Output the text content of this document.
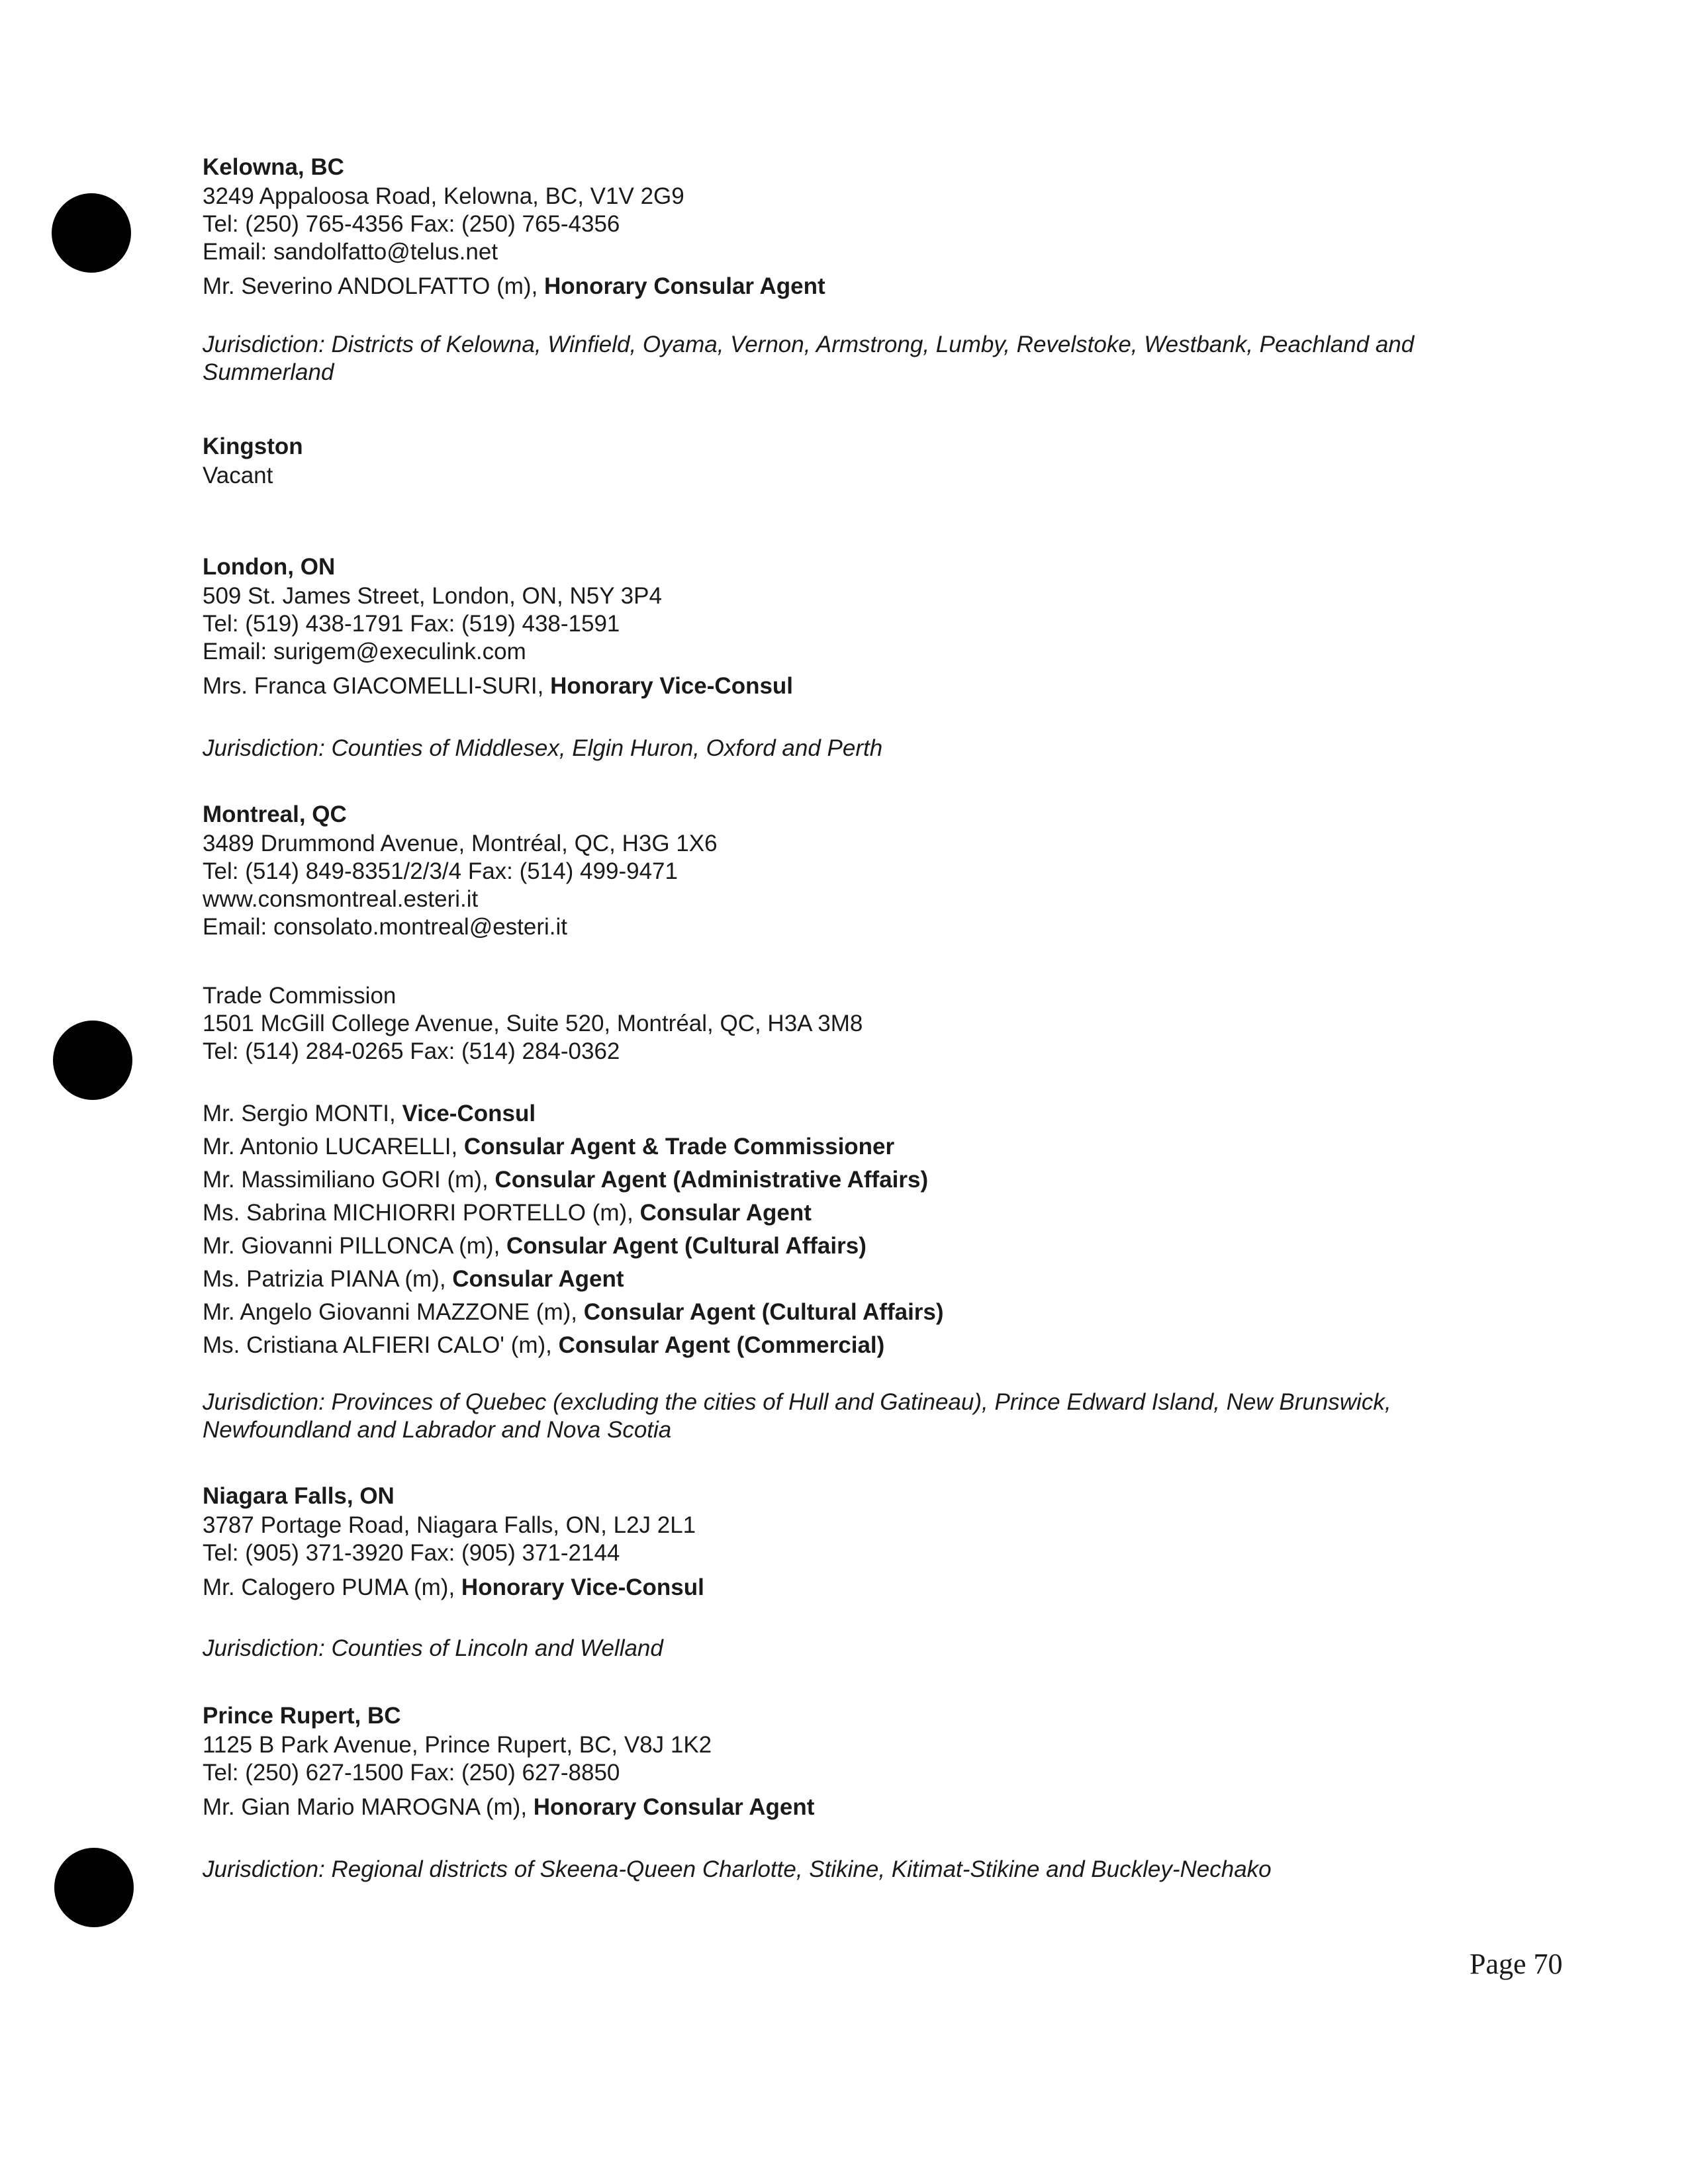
Kelowna, BC

3249 Appaloosa Road, Kelowna, BC, V1V 2G9

Tel: (250) 765-4356 Fax: (250) 765-4356

Email: sandolfatto@telus.net

Mr. Severino ANDOLFATTO (m), Honorary Consular Agent

Jurisdiction: Districts of Kelowna, Winfield, Oyama, Vernon, Armstrong, Lumby, Revelstoke, Westbank, Peachland and Summerland

Kingston

Vacant

London, ON

509 St. James Street, London, ON, N5Y 3P4

Tel: (519) 438-1791 Fax: (519) 438-1591

Email: surigem@execulink.com

Mrs. Franca GIACOMELLI-SURI, Honorary Vice-Consul

Jurisdiction: Counties of Middlesex, Elgin Huron, Oxford and Perth

Montreal, QC

3489 Drummond Avenue, Montréal, QC, H3G 1X6

Tel: (514) 849-8351/2/3/4 Fax: (514) 499-9471

www.consmontreal.esteri.it

Email: consolato.montreal@esteri.it

Trade Commission

1501 McGill College Avenue, Suite 520, Montréal, QC, H3A 3M8

Tel: (514) 284-0265 Fax: (514) 284-0362

Mr. Sergio MONTI, Vice-Consul

Mr. Antonio LUCARELLI, Consular Agent & Trade Commissioner

Mr. Massimiliano GORI (m), Consular Agent (Administrative Affairs)

Ms. Sabrina MICHIORRI PORTELLO (m), Consular Agent

Mr. Giovanni PILLONCA (m), Consular Agent (Cultural Affairs)

Ms. Patrizia PIANA (m), Consular Agent

Mr. Angelo Giovanni MAZZONE (m), Consular Agent (Cultural Affairs)

Ms. Cristiana ALFIERI CALO' (m), Consular Agent (Commercial)

Jurisdiction: Provinces of Quebec (excluding the cities of Hull and Gatineau), Prince Edward Island, New Brunswick, Newfoundland and Labrador and Nova Scotia

Niagara Falls, ON

3787 Portage Road, Niagara Falls, ON, L2J 2L1

Tel: (905) 371-3920 Fax: (905) 371-2144

Mr. Calogero PUMA (m), Honorary Vice-Consul

Jurisdiction: Counties of Lincoln and Welland

Prince Rupert, BC

1125 B Park Avenue, Prince Rupert, BC, V8J 1K2

Tel: (250) 627-1500 Fax: (250) 627-8850

Mr. Gian Mario MAROGNA (m), Honorary Consular Agent

Jurisdiction: Regional districts of Skeena-Queen Charlotte, Stikine, Kitimat-Stikine and Buckley-Nechako

Page 70
